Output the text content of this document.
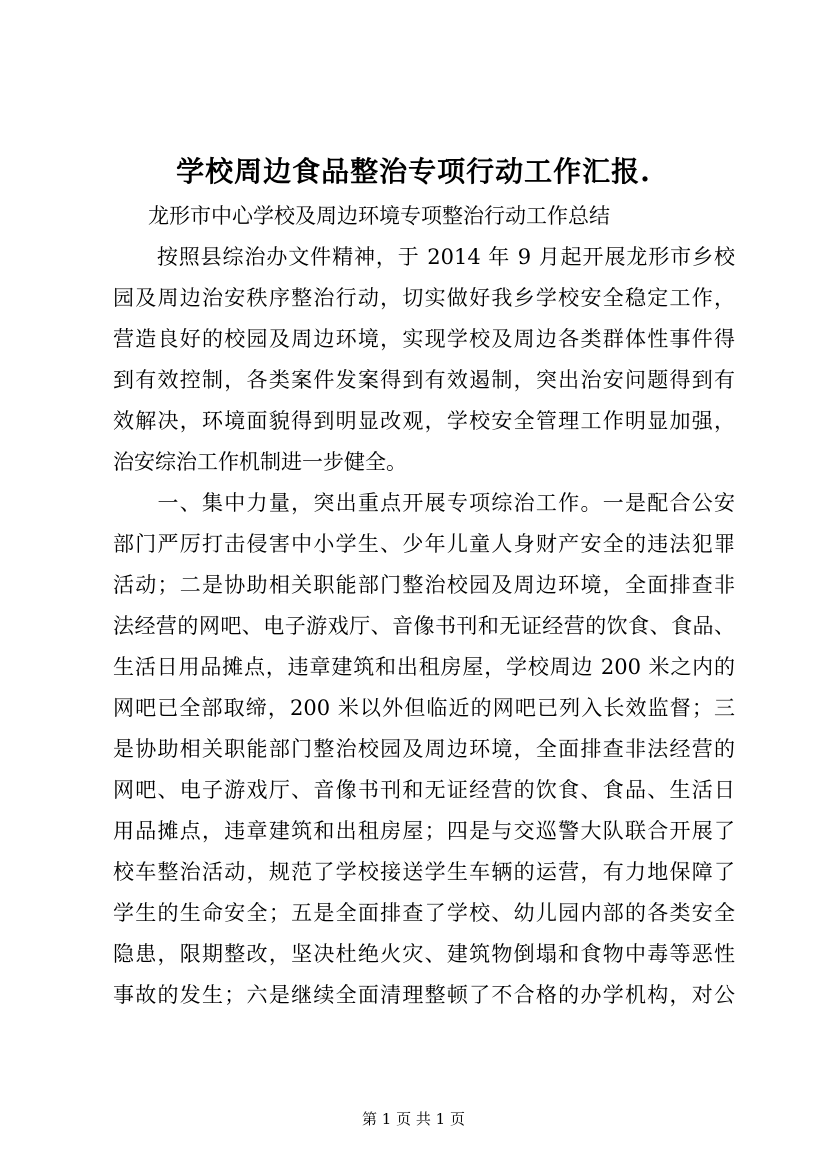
学校周边食品整治专项行动工作汇报.
龙形市中心学校及周边环境专项整治行动工作总结
　　按照县综治办文件精神，于 2014 年 9 月起开展龙形市乡校
园及周边治安秩序整治行动，切实做好我乡学校安全稳定工作，
营造良好的校园及周边环境，实现学校及周边各类群体性事件得
到有效控制，各类案件发案得到有效遏制，突出治安问题得到有
效解决，环境面貌得到明显改观，学校安全管理工作明显加强，
治安综治工作机制进一步健全。
　　一、集中力量，突出重点开展专项综治工作。一是配合公安
部门严厉打击侵害中小学生、少年儿童人身财产安全的违法犯罪
活动；二是协助相关职能部门整治校园及周边环境，全面排查非
法经营的网吧、电子游戏厅、音像书刊和无证经营的饮食、食品、
生活日用品摊点，违章建筑和出租房屋，学校周边 200 米之内的
网吧已全部取缔，200 米以外但临近的网吧已列入长效监督；三
是协助相关职能部门整治校园及周边环境，全面排查非法经营的
网吧、电子游戏厅、音像书刊和无证经营的饮食、食品、生活日
用品摊点，违章建筑和出租房屋；四是与交巡警大队联合开展了
校车整治活动，规范了学校接送学生车辆的运营，有力地保障了
学生的生命安全；五是全面排查了学校、幼儿园内部的各类安全
隐患，限期整改，坚决杜绝火灾、建筑物倒塌和食物中毒等恶性
事故的发生；六是继续全面清理整顿了不合格的办学机构，对公
第 1 页 共 1 页
